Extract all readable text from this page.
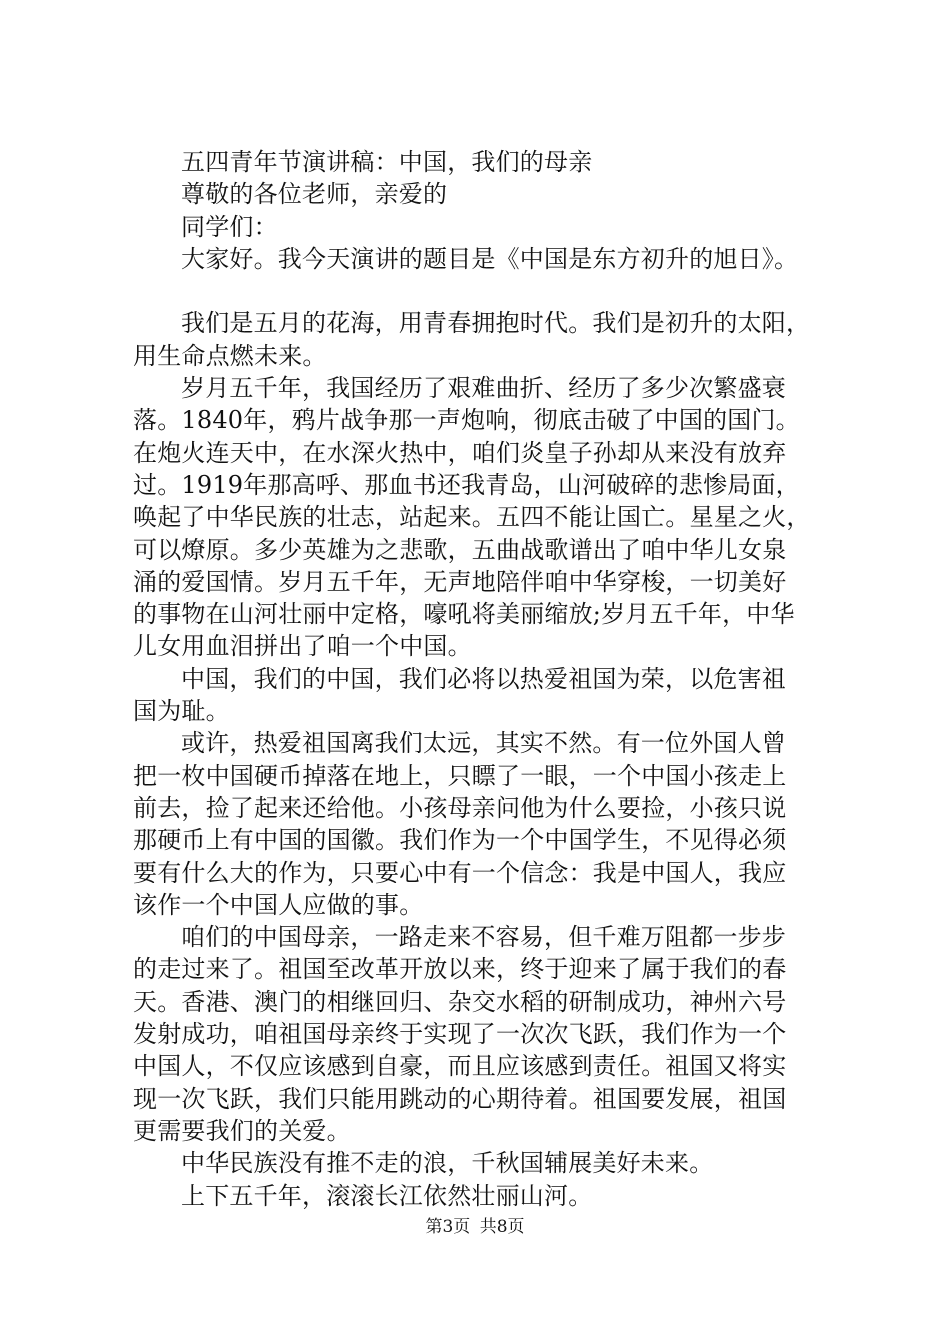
五四青年节演讲稿：中国，我们的母亲
尊敬的各位老师，亲爱的
同学们：
大家好。我今天演讲的题目是《中国是东方初升的旭日》。
我们是五月的花海，用青春拥抱时代。我们是初升的太阳，
用生命点燃未来。
岁月五千年，我国经历了艰难曲折、经历了多少次繁盛衰
落。1840年，鸦片战争那一声炮响，彻底击破了中国的国门。
在炮火连天中，在水深火热中，咱们炎皇子孙却从来没有放弃
过。1919年那高呼、那血书还我青岛，山河破碎的悲惨局面，
唤起了中华民族的壮志，站起来。五四不能让国亡。星星之火，
可以燎原。多少英雄为之悲歌，五曲战歌谱出了咱中华儿女泉
涌的爱国情。岁月五千年，无声地陪伴咱中华穿梭，一切美好
的事物在山河壮丽中定格，嚎吼将美丽缩放;岁月五千年，中华
儿女用血泪拼出了咱一个中国。
中国，我们的中国，我们必将以热爱祖国为荣，以危害祖
国为耻。
或许，热爱祖国离我们太远，其实不然。有一位外国人曾
把一枚中国硬币掉落在地上，只瞟了一眼，一个中国小孩走上
前去，捡了起来还给他。小孩母亲问他为什么要捡，小孩只说
那硬币上有中国的国徽。我们作为一个中国学生，不见得必须
要有什么大的作为，只要心中有一个信念：我是中国人，我应
该作一个中国人应做的事。
咱们的中国母亲，一路走来不容易，但千难万阻都一步步
的走过来了。祖国至改革开放以来，终于迎来了属于我们的春
天。香港、澳门的相继回归、杂交水稻的研制成功，神州六号
发射成功，咱祖国母亲终于实现了一次次飞跃，我们作为一个
中国人，不仅应该感到自豪，而且应该感到责任。祖国又将实
现一次飞跃，我们只能用跳动的心期待着。祖国要发展，祖国
更需要我们的关爱。
中华民族没有推不走的浪，千秋国辅展美好未来。
上下五千年，滚滚长江依然壮丽山河。
第3页 共8页
